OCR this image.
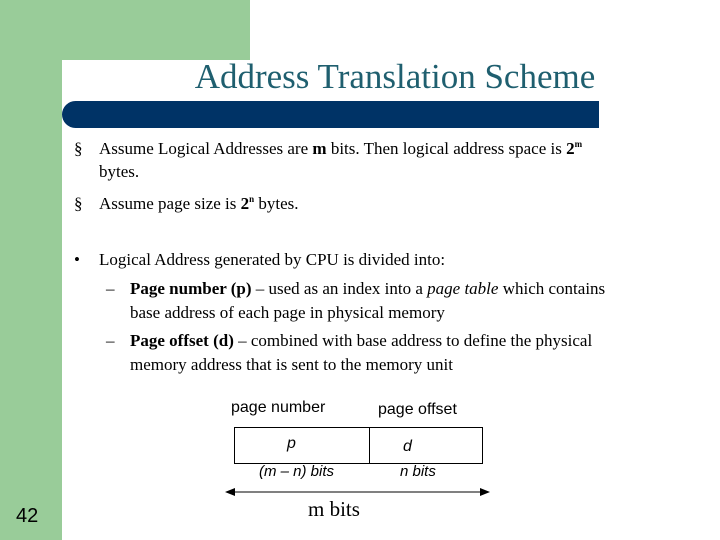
Address Translation Scheme
§ Assume Logical Addresses are m bits. Then logical address space is 2$^m$
bytes.
§ Assume page size is 2$^n$ bytes.
•	Logical Address generated by CPU is divided into:
– Page number (p) – used as an index into a page table which contains
base address of each page in physical memory
– Page offset (d) – combined with base address to define the physical
memory address that is sent to the memory unit
page number	page offset
p	d
(m – n) bits	n bits
m bits
42
